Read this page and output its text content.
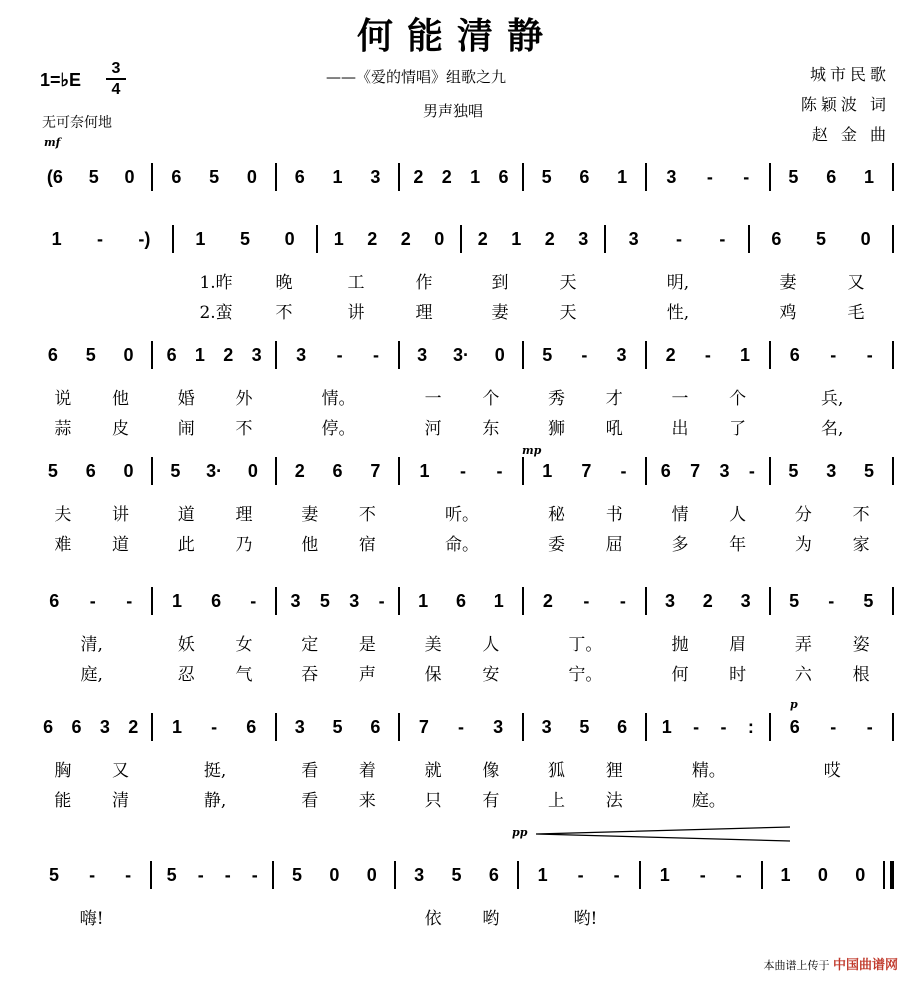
何能清静
1=♭E
3
4
无可奈何地
——《爱的情唱》组歌之九
男声独唱
城市民歌
陈颖波 词
赵 金 曲
mf
mp
p
pp
(6 5 0 6 5 0 6 1 3 2 2 1 6 5 6 1 3 - - 5 6 1
1 - -) 1 5 0 1 2 2 0 2 1 2 3 3 - -	6 5 0
1.昨	晚	工	作	到	天	明,	妻	又
2.蛮	不	讲	理	妻	天	性,	鸡	毛
6 5 0 6 1 2 3 3 - - 3 3· 0 5 - 3 2 - 1 6 - -
说 他	婚 外	情。	一 个	秀 才	一 个	兵,
蒜 皮	闹 不	停。	河 东	狮 吼	出 了	名,
5 6 0 5 3· 0 2 6 7 1 - - 1 7 - 6 7 3 - 5 3 5
夫 讲	道 理	妻 不	听。	秘 书	情 人	分 不
难 道	此 乃	他 宿	命。	委 屈	多 年	为 家
6 - - 1 6 - 3 5 3 - 1 6 1 2 - - 3 2 3 5 - 5
清,	妖 女	定 是	美 人	丁。	抛 眉	弄 姿
庭,	忍 气	吞 声	保 安	宁。	何 时	六 根
6 6 3 2 1 - 6 3 5 6 7 - 3 3 5 6 1 - - : 6 - -
胸 又	挺,	看 着	就 像	狐 狸	精。	哎
能 清	静,	看 来	只 有	上 法	庭。
5 - - 5 - - - 5 0 0 3 5 6 1 - - 1 - - 1 0 0
嗨!	依 哟	哟!
本曲谱上传于 中国曲谱网
